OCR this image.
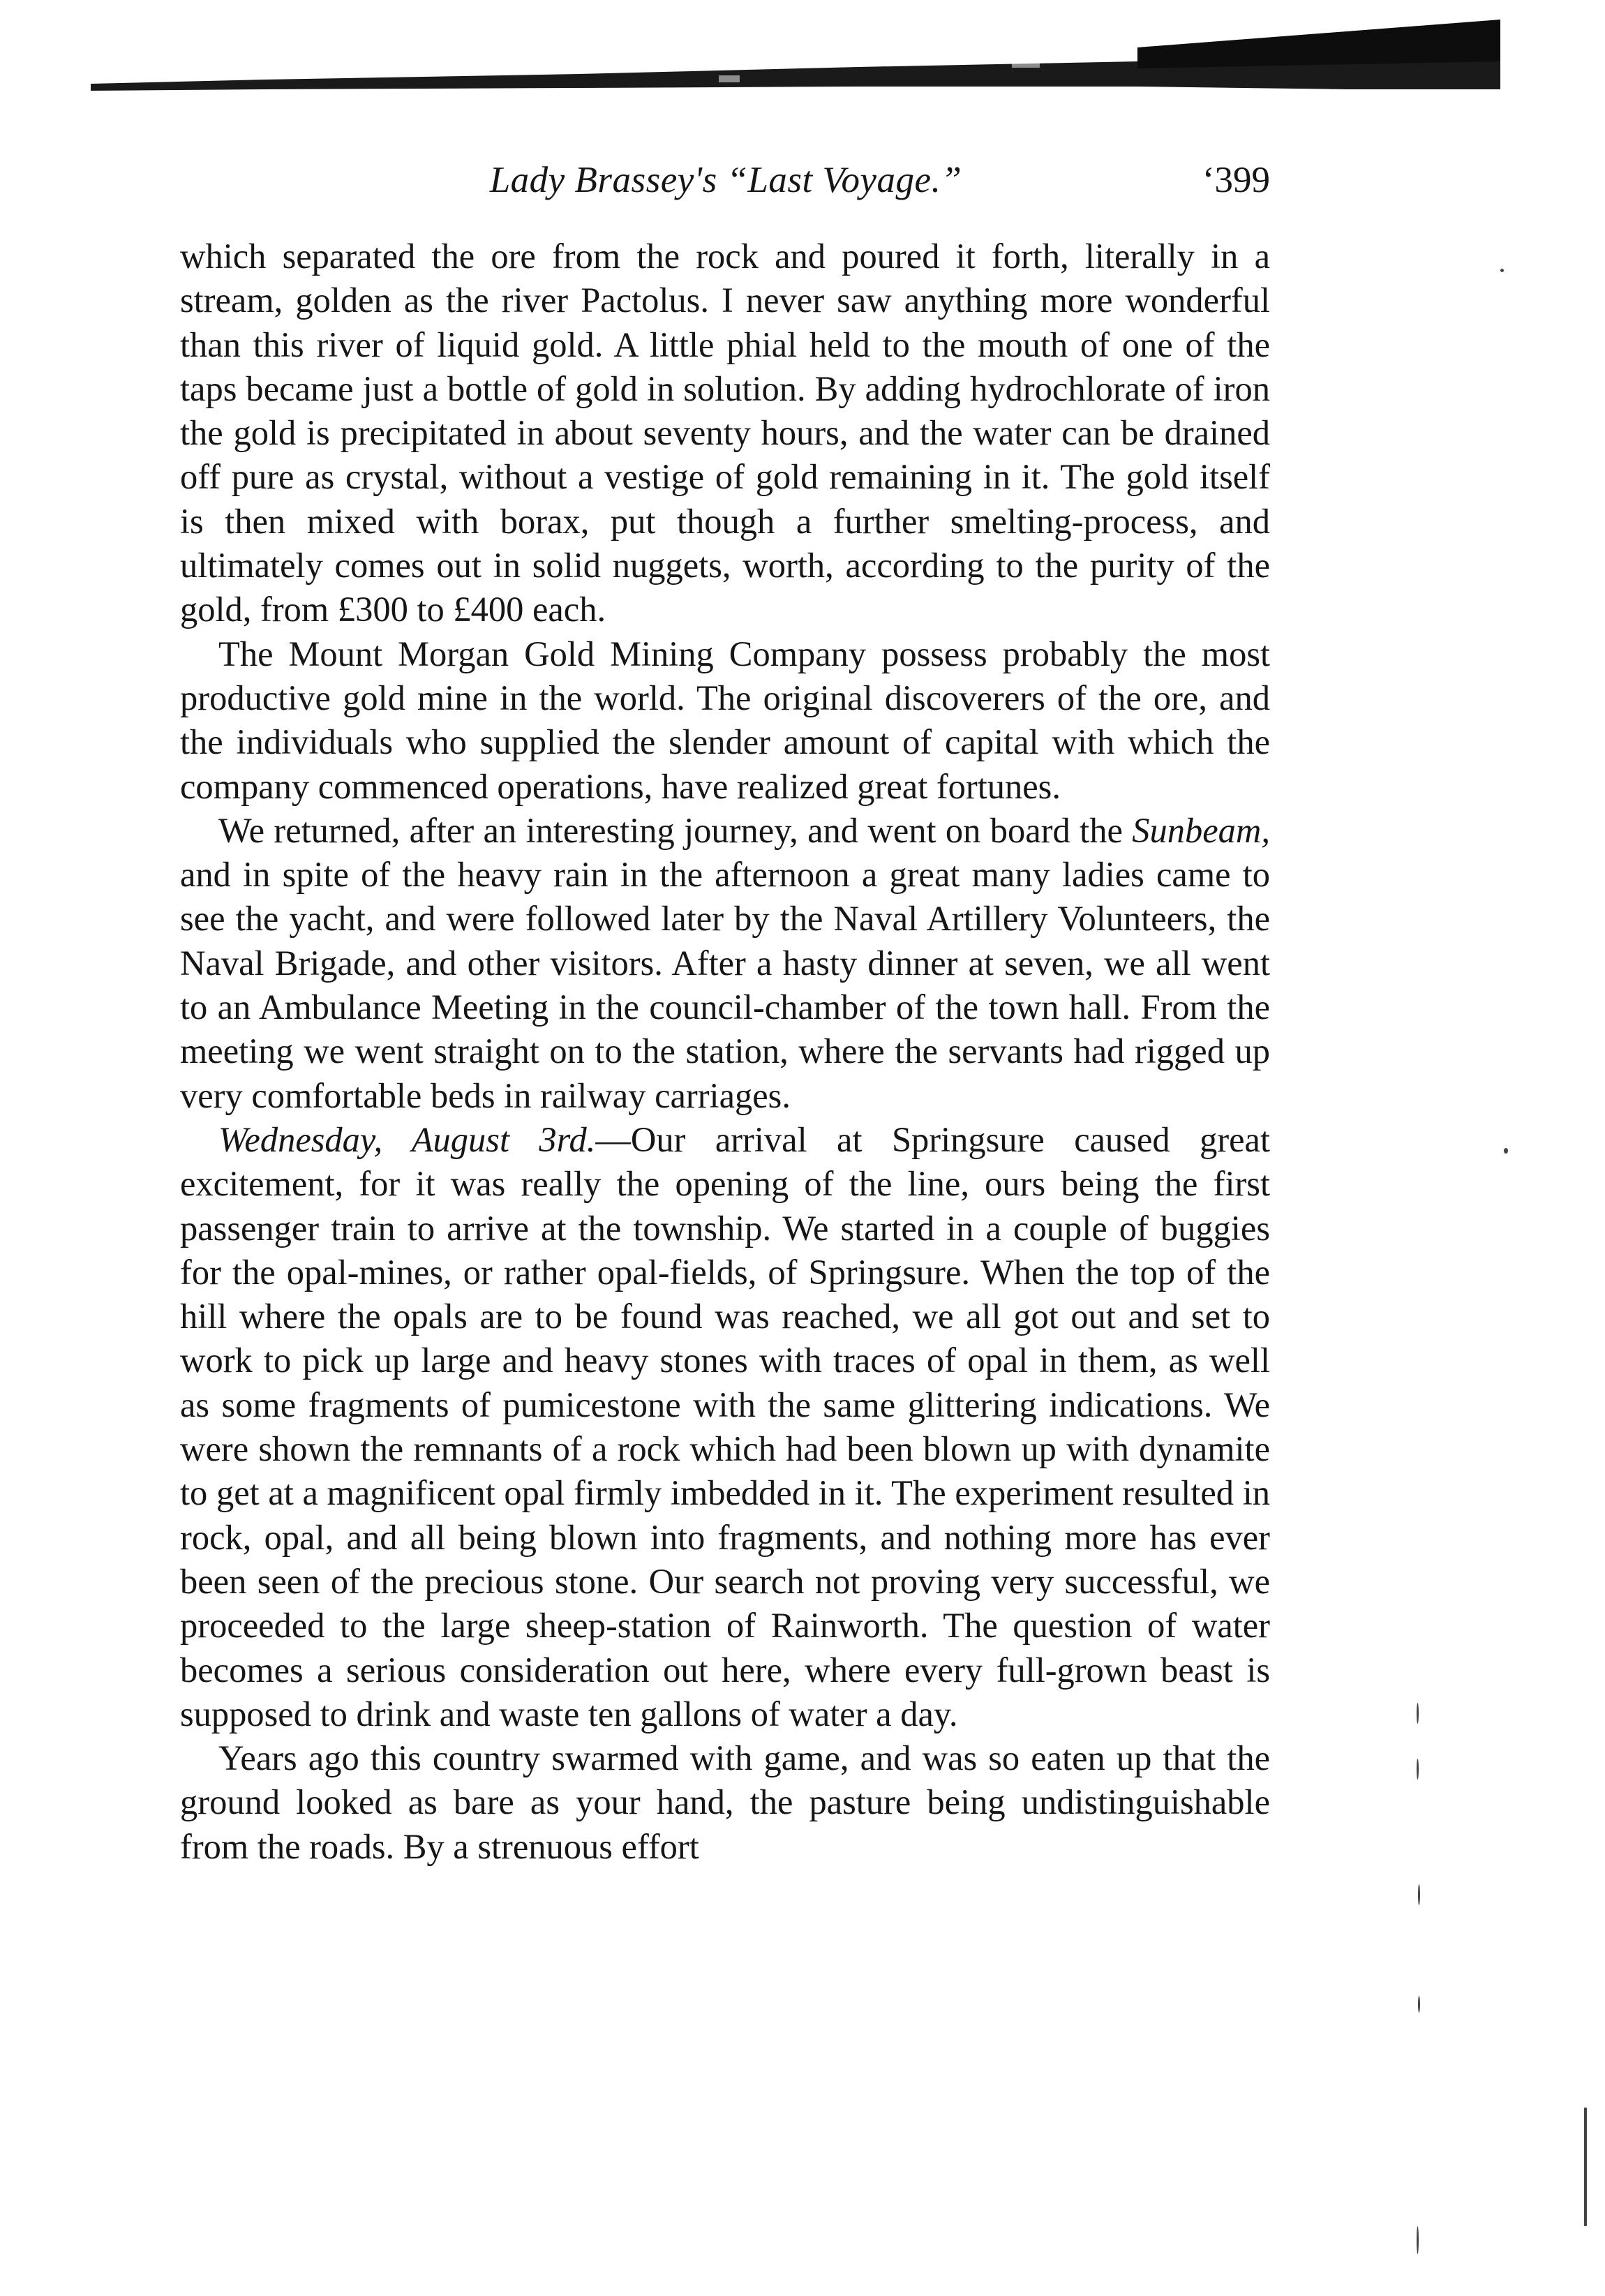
Lady Brassey's “Last Voyage.”	‘399

which separated the ore from the rock and poured it forth, literally in a stream, golden as the river Pactolus. I never saw anything more wonderful than this river of liquid gold. A little phial held to the mouth of one of the taps became just a bottle of gold in solution. By adding hydrochlorate of iron the gold is precipitated in about seventy hours, and the water can be drained off pure as crystal, without a vestige of gold remaining in it. The gold itself is then mixed with borax, put though a further smelting-process, and ultimately comes out in solid nuggets, worth, according to the purity of the gold, from £300 to £400 each.

The Mount Morgan Gold Mining Company possess probably the most productive gold mine in the world. The original discoverers of the ore, and the individuals who supplied the slender amount of capital with which the company commenced operations, have realized great fortunes.

We returned, after an interesting journey, and went on board the Sunbeam, and in spite of the heavy rain in the afternoon a great many ladies came to see the yacht, and were followed later by the Naval Artillery Volunteers, the Naval Brigade, and other visitors. After a hasty dinner at seven, we all went to an Ambulance Meeting in the council-chamber of the town hall. From the meeting we went straight on to the station, where the servants had rigged up very comfortable beds in railway carriages.

Wednesday, August 3rd.—Our arrival at Springsure caused great excitement, for it was really the opening of the line, ours being the first passenger train to arrive at the township. We started in a couple of buggies for the opal-mines, or rather opal-fields, of Springsure. When the top of the hill where the opals are to be found was reached, we all got out and set to work to pick up large and heavy stones with traces of opal in them, as well as some fragments of pumicestone with the same glittering indications. We were shown the remnants of a rock which had been blown up with dynamite to get at a magnificent opal firmly imbedded in it. The experiment resulted in rock, opal, and all being blown into fragments, and nothing more has ever been seen of the precious stone. Our search not proving very successful, we proceeded to the large sheep-station of Rainworth. The question of water becomes a serious consideration out here, where every full-grown beast is supposed to drink and waste ten gallons of water a day.

Years ago this country swarmed with game, and was so eaten up that the ground looked as bare as your hand, the pasture being undistinguishable from the roads. By a strenuous effort
